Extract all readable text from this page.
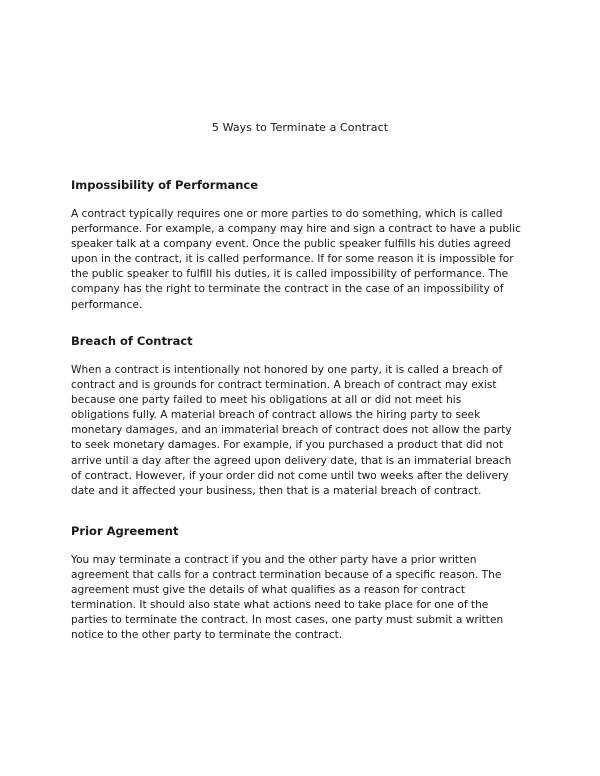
5 Ways to Terminate a Contract
Impossibility of Performance
A contract typically requires one or more parties to do something, which is called
performance. For example, a company may hire and sign a contract to have a public
speaker talk at a company event. Once the public speaker fulfills his duties agreed
upon in the contract, it is called performance. If for some reason it is impossible for
the public speaker to fulfill his duties, it is called impossibility of performance. The
company has the right to terminate the contract in the case of an impossibility of
performance.
Breach of Contract
When a contract is intentionally not honored by one party, it is called a breach of
contract and is grounds for contract termination. A breach of contract may exist
because one party failed to meet his obligations at all or did not meet his
obligations fully. A material breach of contract allows the hiring party to seek
monetary damages, and an immaterial breach of contract does not allow the party
to seek monetary damages. For example, if you purchased a product that did not
arrive until a day after the agreed upon delivery date, that is an immaterial breach
of contract. However, if your order did not come until two weeks after the delivery
date and it affected your business, then that is a material breach of contract.
Prior Agreement
You may terminate a contract if you and the other party have a prior written
agreement that calls for a contract termination because of a specific reason. The
agreement must give the details of what qualifies as a reason for contract
termination. It should also state what actions need to take place for one of the
parties to terminate the contract. In most cases, one party must submit a written
notice to the other party to terminate the contract.
